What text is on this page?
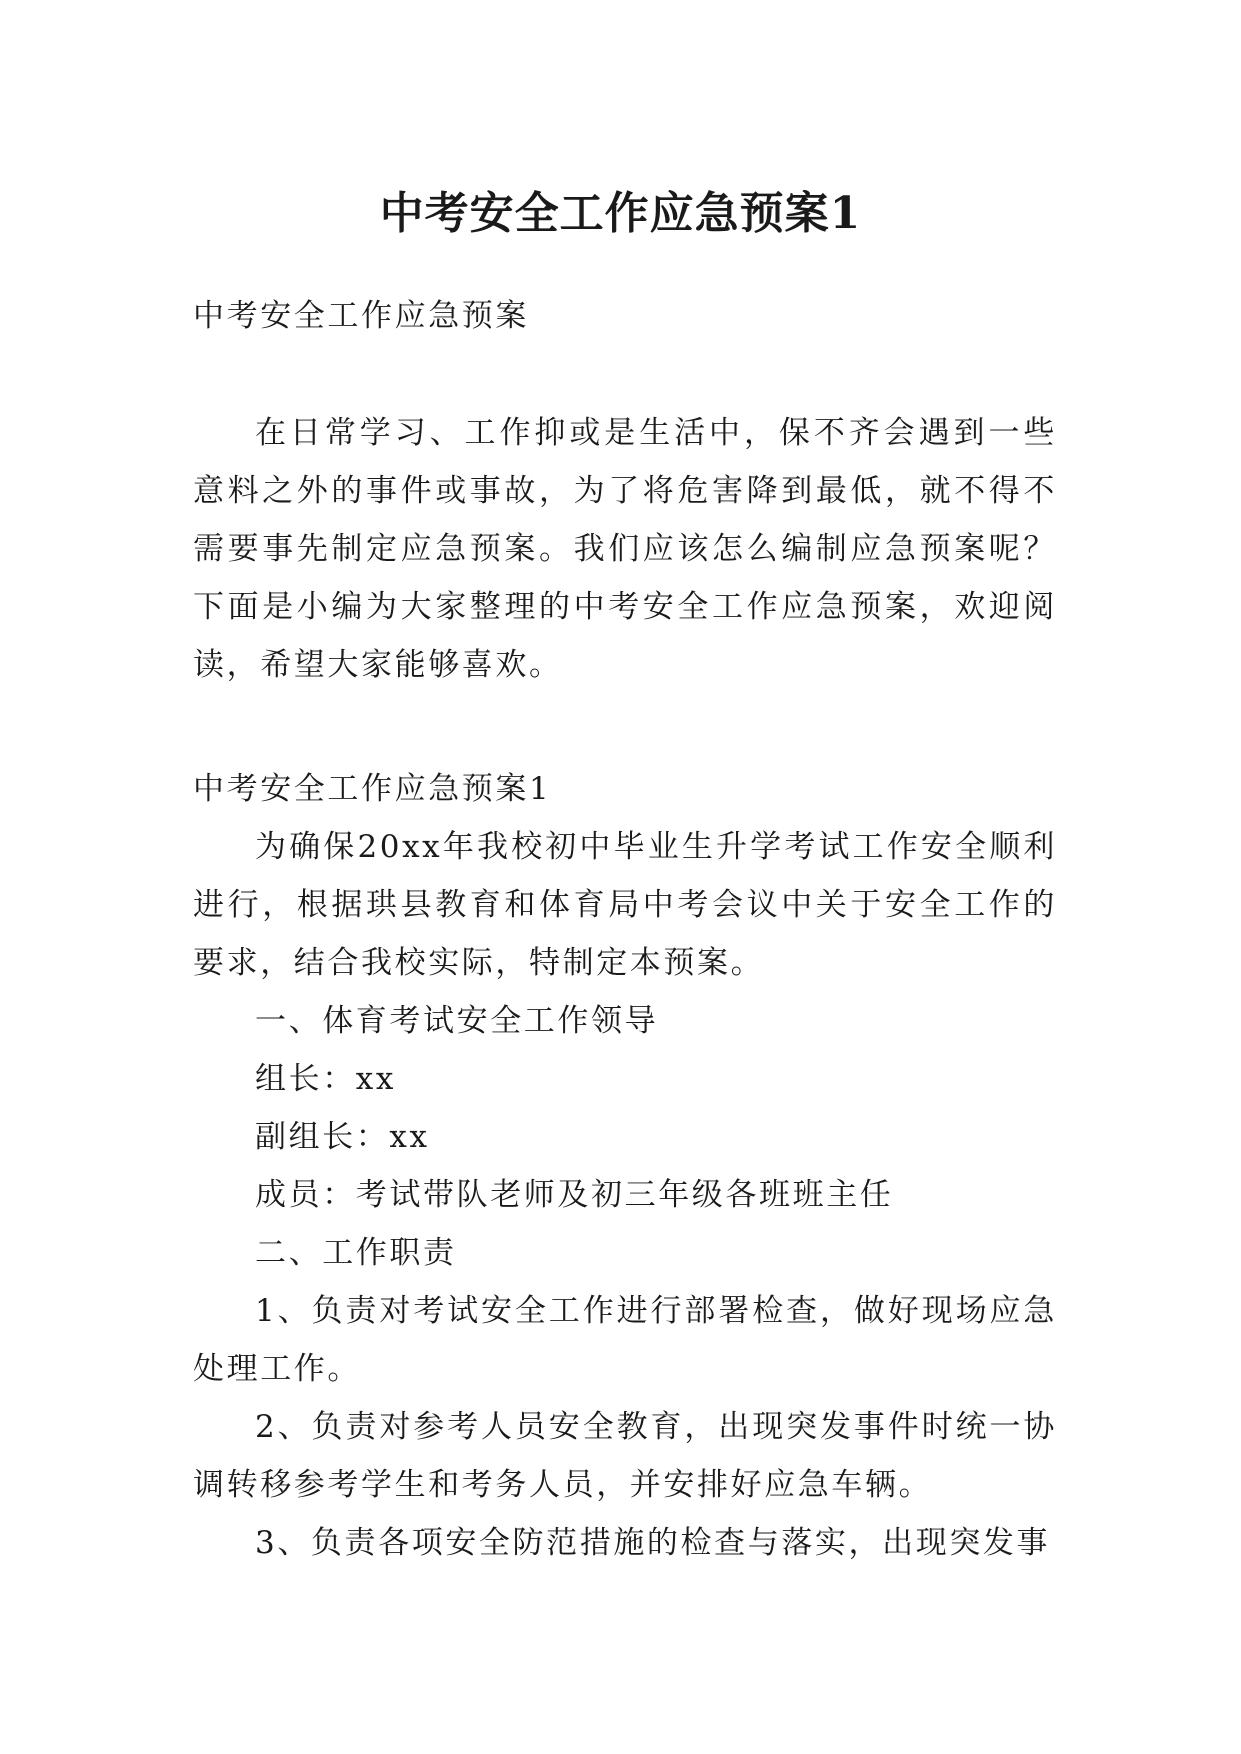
中考安全工作应急预案1

中考安全工作应急预案

在日常学习、工作抑或是生活中，保不齐会遇到一些意料之外的事件或事故，为了将危害降到最低，就不得不需要事先制定应急预案。我们应该怎么编制应急预案呢？下面是小编为大家整理的中考安全工作应急预案，欢迎阅读，希望大家能够喜欢。

中考安全工作应急预案1

为确保20xx年我校初中毕业生升学考试工作安全顺利进行，根据珙县教育和体育局中考会议中关于安全工作的要求，结合我校实际，特制定本预案。

一、体育考试安全工作领导

组长：xx

副组长：xx

成员：考试带队老师及初三年级各班班主任

二、工作职责

1、负责对考试安全工作进行部署检查，做好现场应急处理工作。

2、负责对参考人员安全教育，出现突发事件时统一协调转移参考学生和考务人员，并安排好应急车辆。

3、负责各项安全防范措施的检查与落实，出现突发事
